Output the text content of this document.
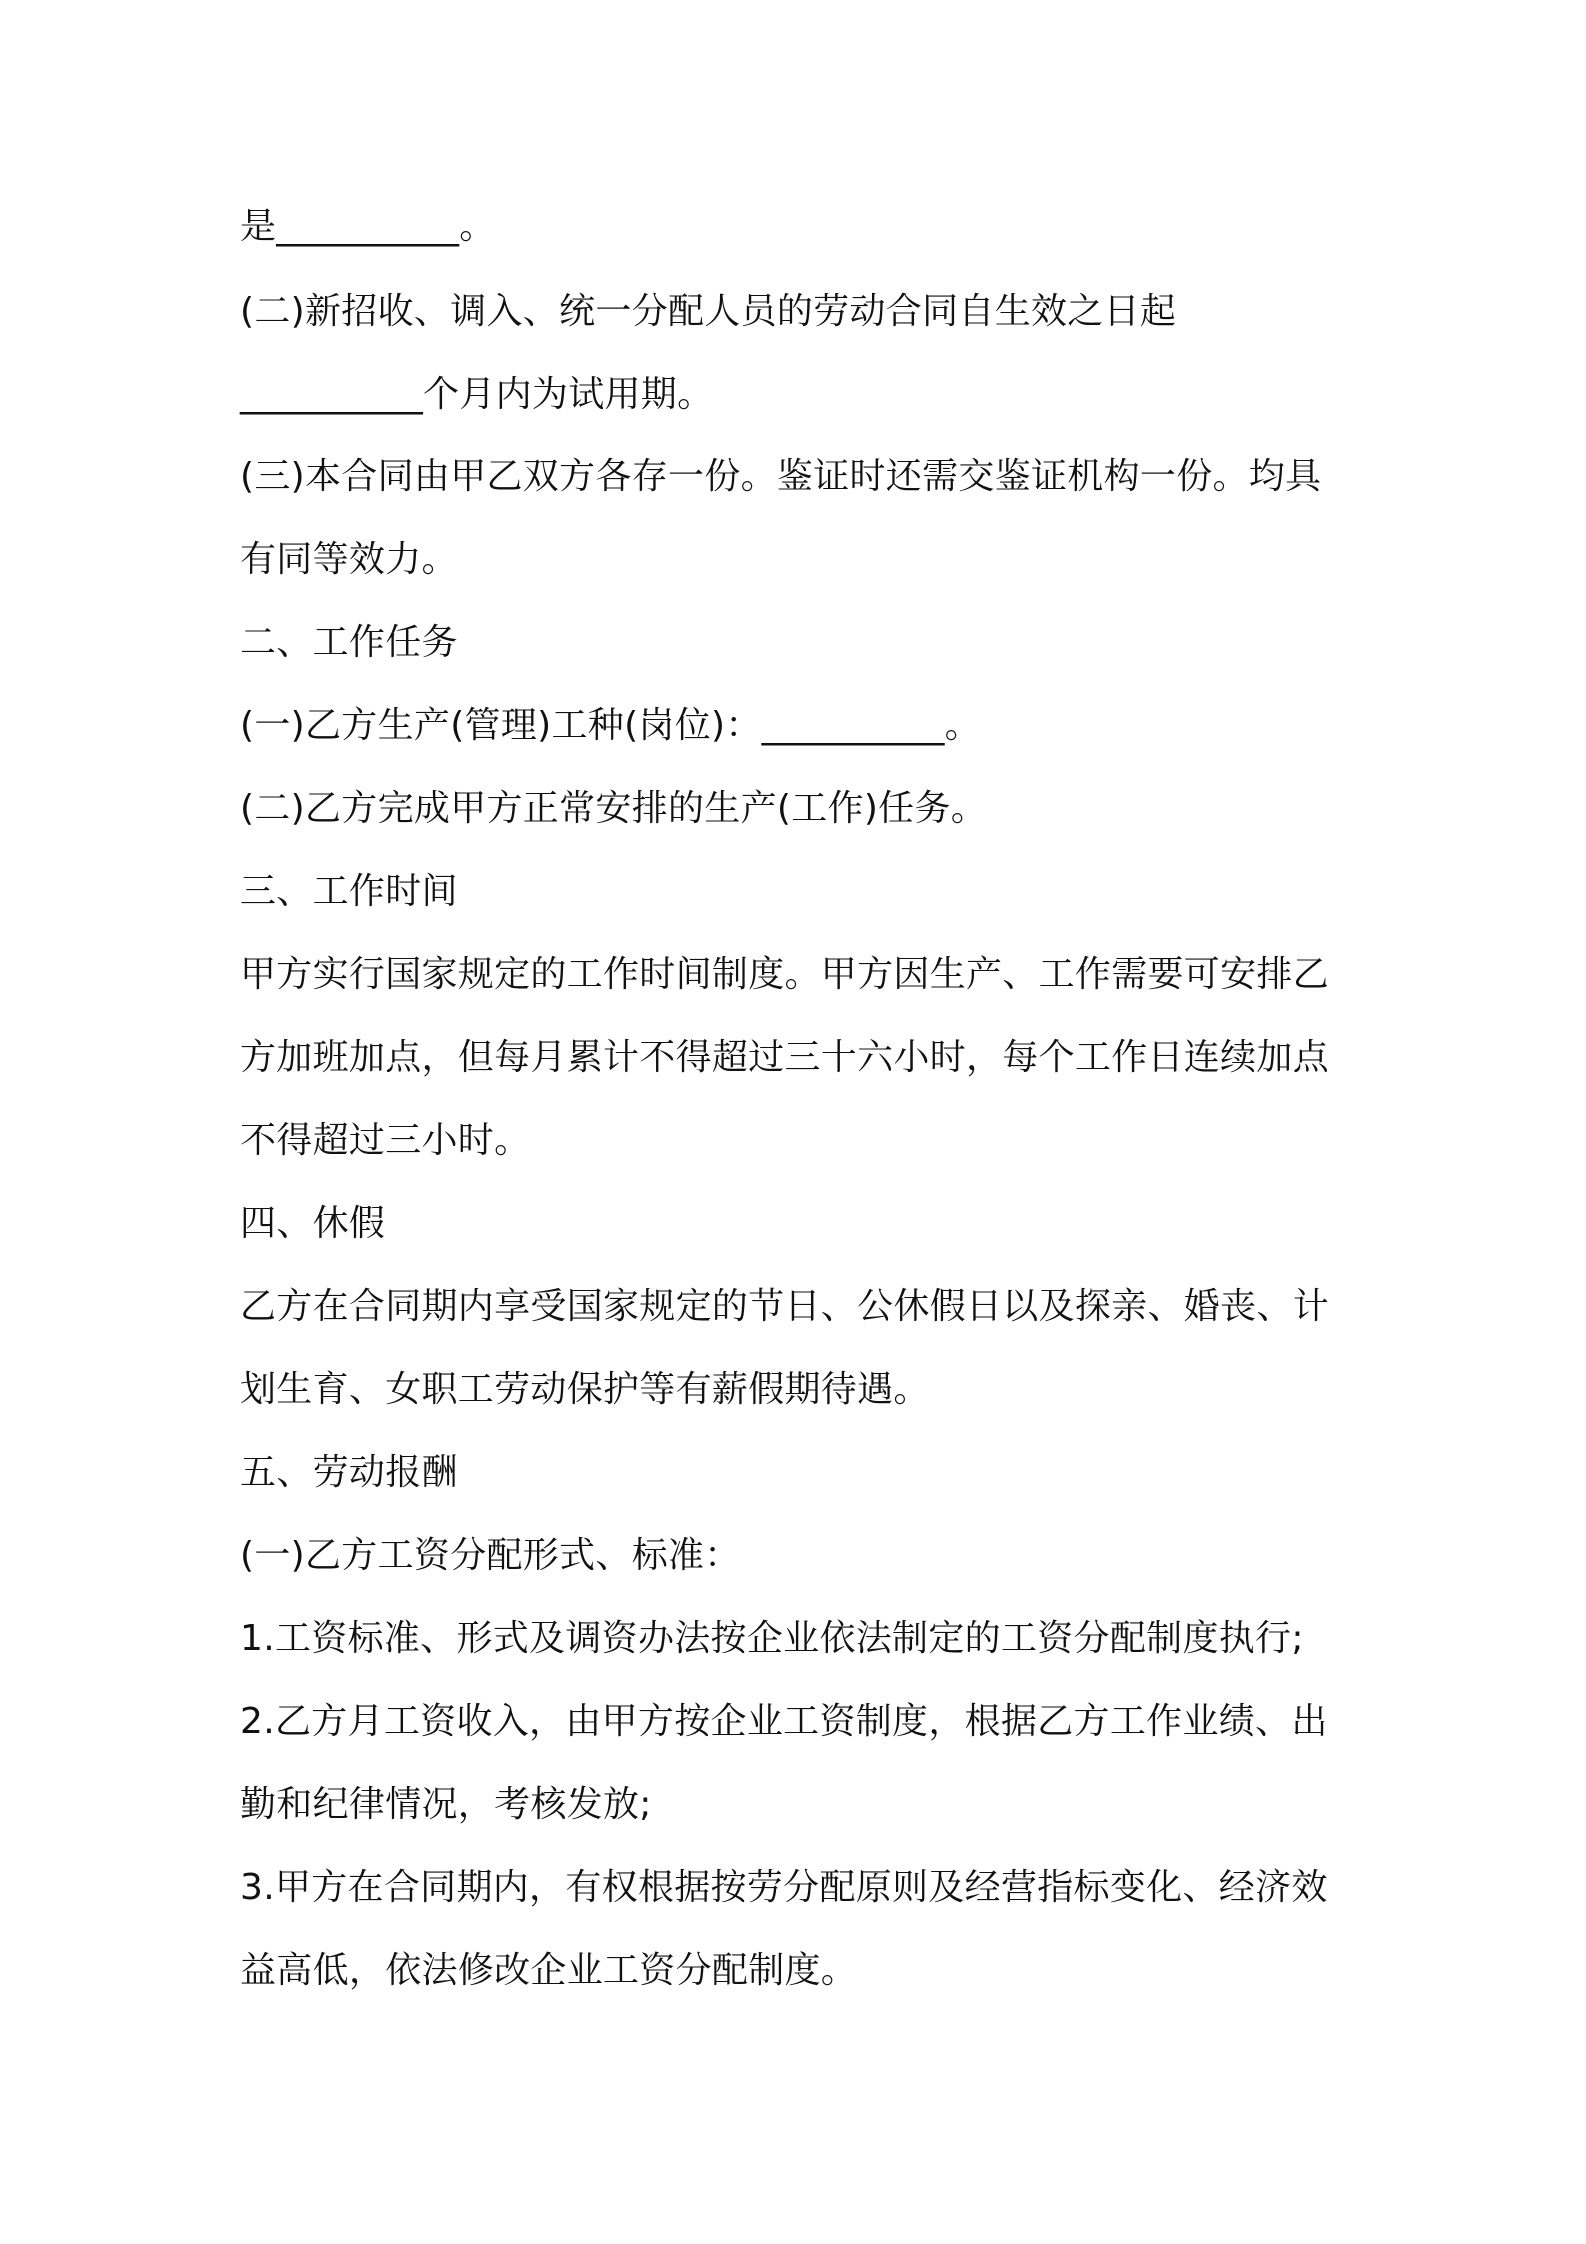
是__________。
(二)新招收、调入、统一分配人员的劳动合同自生效之日起
__________个月内为试用期。
(三)本合同由甲乙双方各存一份。鉴证时还需交鉴证机构一份。均具
有同等效力。
二、工作任务
(一)乙方生产(管理)工种(岗位)：__________。
(二)乙方完成甲方正常安排的生产(工作)任务。
三、工作时间
甲方实行国家规定的工作时间制度。甲方因生产、工作需要可安排乙
方加班加点，但每月累计不得超过三十六小时，每个工作日连续加点
不得超过三小时。
四、休假
乙方在合同期内享受国家规定的节日、公休假日以及探亲、婚丧、计
划生育、女职工劳动保护等有薪假期待遇。
五、劳动报酬
(一)乙方工资分配形式、标准：
1.工资标准、形式及调资办法按企业依法制定的工资分配制度执行;
2.乙方月工资收入，由甲方按企业工资制度，根据乙方工作业绩、出
勤和纪律情况，考核发放;
3.甲方在合同期内，有权根据按劳分配原则及经营指标变化、经济效
益高低，依法修改企业工资分配制度。
